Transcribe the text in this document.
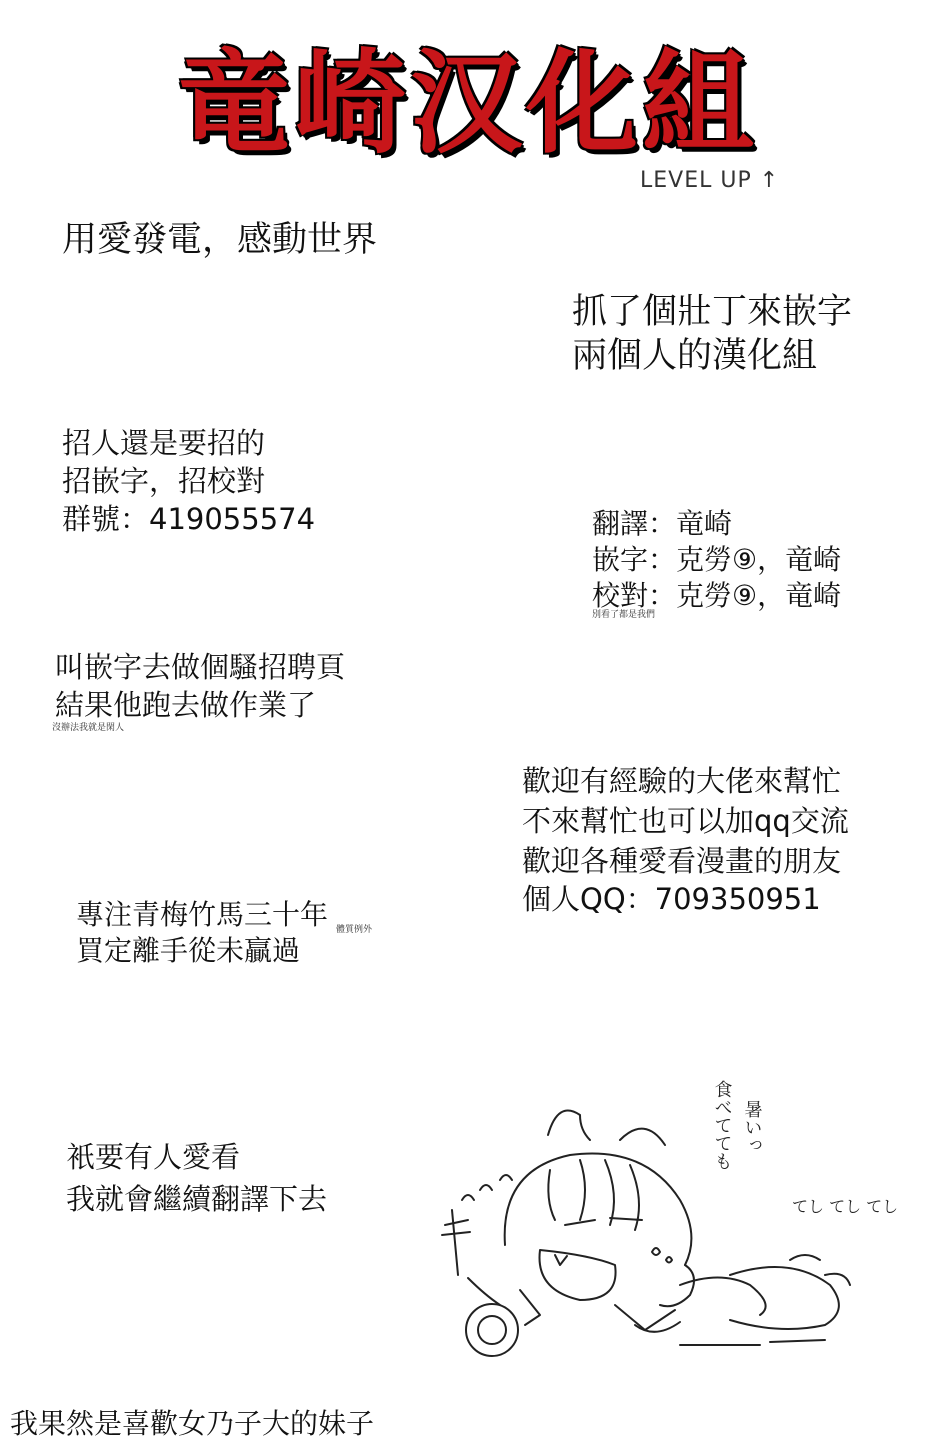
竜崎汉化組
LEVEL UP ↑
用愛發電，感動世界
抓了個壯丁來嵌字
兩個人的漢化組
招人還是要招的
招嵌字，招校對
群號：419055574	翻譯：竜崎
嵌字：克勞⑨，竜崎
校對：克勞⑨，竜崎
別看了都是我們
叫嵌字去做個騷招聘頁
結果他跑去做作業了
沒辦法我就是閑人
歡迎有經驗的大佬來幫忙
不來幫忙也可以加qq交流
歡迎各種愛看漫畫的朋友
個人QQ：709350951
專注青梅竹馬三十年
買定離手從未贏過
體質例外
衹要有人愛看
我就會繼續翻譯下去
我果然是喜歡女乃子大的妹子
暑いっ
食べてても
てし てし てし
